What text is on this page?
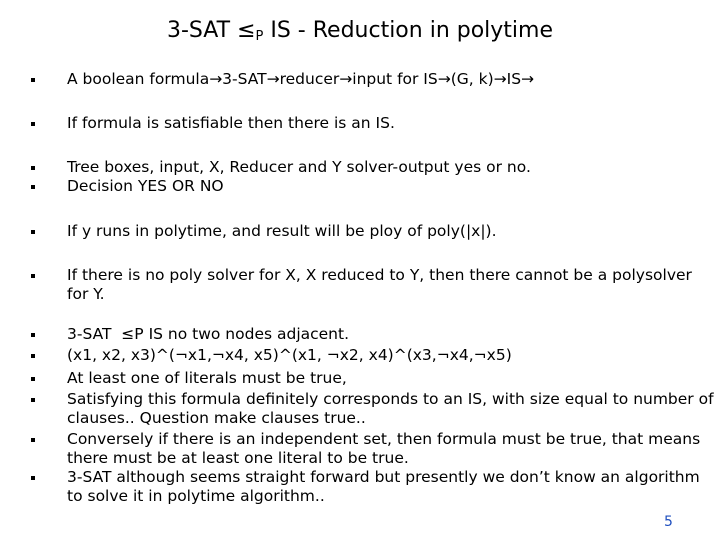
$3-SAT \le_P$ IS - Reduction in polytime
A boolean formula→3-SAT→reducer→input for IS→(G, k)→IS→
If formula is satisfiable then there is an IS.
Tree boxes, input, X, Reducer and Y solver-output yes or no.
Decision YES OR NO
If y runs in polytime, and result will be ploy of poly(|x|).
If there is no poly solver for X, X reduced to Y, then there cannot be a polysolver for Y.
3-SAT  ≤P IS no two nodes adjacent.
(x1, x2, x3)^(¬x1,¬x4, x5)^(x1, ¬x2, x4)^(x3,¬x4,¬x5)
At least one of literals must be true,
Satisfying this formula definitely corresponds to an IS, with size equal to number of clauses.. Question make clauses true..
Conversely if there is an independent set, then formula must be true, that means there must be at least one literal to be true.
3-SAT although seems straight forward but presently we don’t know an algorithm to solve it in polytime algorithm..
5
